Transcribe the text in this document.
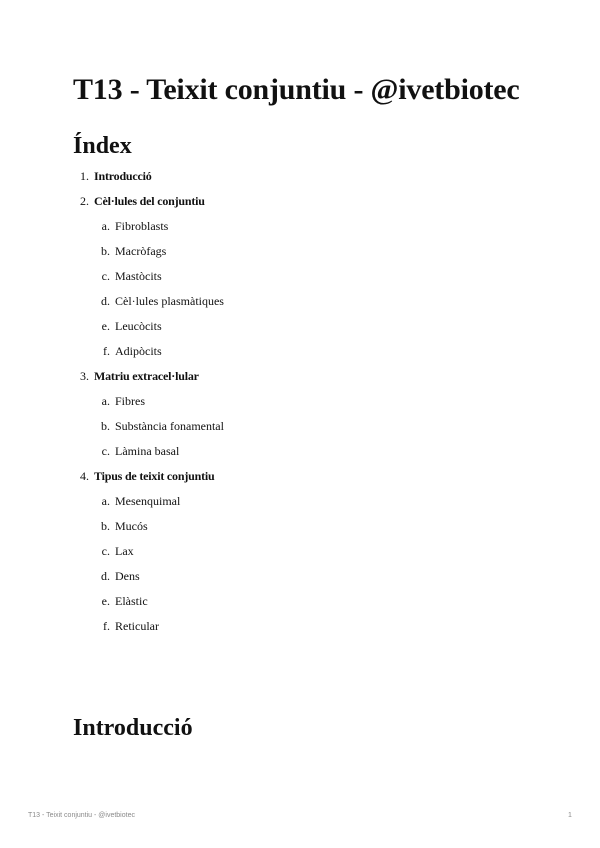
T13 - Teixit conjuntiu - @ivetbiotec
Índex
1. Introducció
2. Cèl·lules del conjuntiu
a. Fibroblasts
b. Macròfags
c. Mastòcits
d. Cèl·lules plasmàtiques
e. Leucòcits
f. Adipòcits
3. Matriu extracel·lular
a. Fibres
b. Substància fonamental
c. Làmina basal
4. Tipus de teixit conjuntiu
a. Mesenquimal
b. Mucós
c. Lax
d. Dens
e. Elàstic
f. Reticular
Introducció
T13 - Teixit conjuntiu - @ivetbiotec	1
